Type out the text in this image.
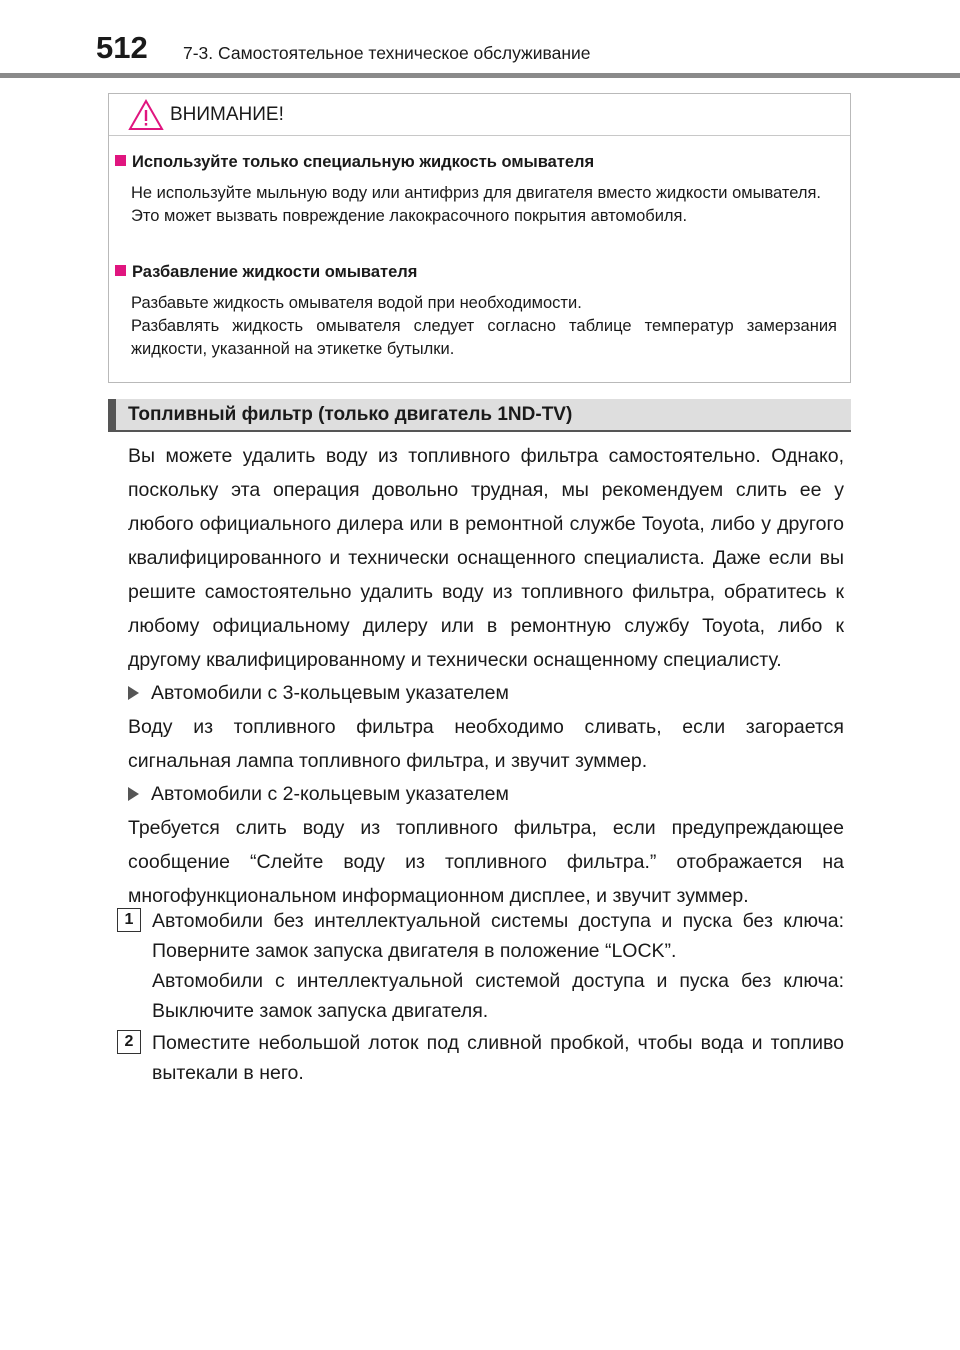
512 7-3. Самостоятельное техническое обслуживание
ВНИМАНИЕ!
Используйте только специальную жидкость омывателя
Не используйте мыльную воду или антифриз для двигателя вместо жидкости омывателя.
Это может вызвать повреждение лакокрасочного покрытия автомобиля.
Разбавление жидкости омывателя
Разбавьте жидкость омывателя водой при необходимости.
Разбавлять жидкость омывателя следует согласно таблице температур замерзания жидкости, указанной на этикетке бутылки.
Топливный фильтр (только двигатель 1ND-TV)
Вы можете удалить воду из топливного фильтра самостоятельно. Однако, поскольку эта операция довольно трудная, мы рекомендуем слить ее у любого официального дилера или в ремонтной службе Toyota, либо у другого квалифицированного и технически оснащенного специалиста. Даже если вы решите самостоятельно удалить воду из топливного фильтра, обратитесь к любому официальному дилеру или в ремонтную службу Toyota, либо к другому квалифицированному и технически оснащенному специалисту.
Автомобили с 3-кольцевым указателем
Воду из топливного фильтра необходимо сливать, если загорается сигнальная лампа топливного фильтра, и звучит зуммер.
Автомобили с 2-кольцевым указателем
Требуется слить воду из топливного фильтра, если предупреждающее сообщение “Слейте воду из топливного фильтра.” отображается на многофункциональном информационном дисплее, и звучит зуммер.
1 Автомобили без интеллектуальной системы доступа и пуска без ключа: Поверните замок запуска двигателя в положение “LOCK”.
Автомобили с интеллектуальной системой доступа и пуска без ключа: Выключите замок запуска двигателя.
2 Поместите небольшой лоток под сливной пробкой, чтобы вода и топливо вытекали в него.
